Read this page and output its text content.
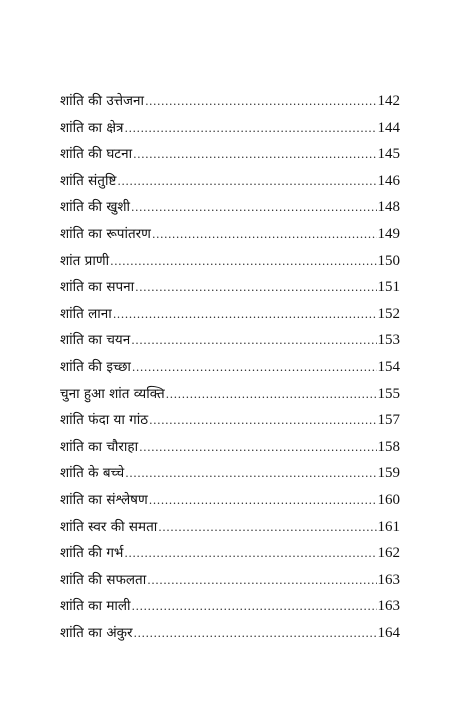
शांति की उत्तेजना .....	142
शांति का क्षेत्र .....	144
शांति की घटना .....	145
शांति संतुष्टि .....	146
शांति की खुशी .....	148
शांति का रूपांतरण .....	149
शांत प्राणी .....	150
शांति का सपना .....	151
शांति लाना .....	152
शांति का चयन .....	153
शांति की इच्छा .....	154
चुना हुआ शांत व्यक्ति .....	155
शांति फंदा या गांठ .....	157
शांति का चौराहा .....	158
शांति के बच्चे .....	159
शांति का संश्लेषण .....	160
शांति स्वर की समता .....	161
शांति की गर्भ .....	162
शांति की सफलता .....	163
शांति का माली .....	163
शांति का अंकुर .....	164
